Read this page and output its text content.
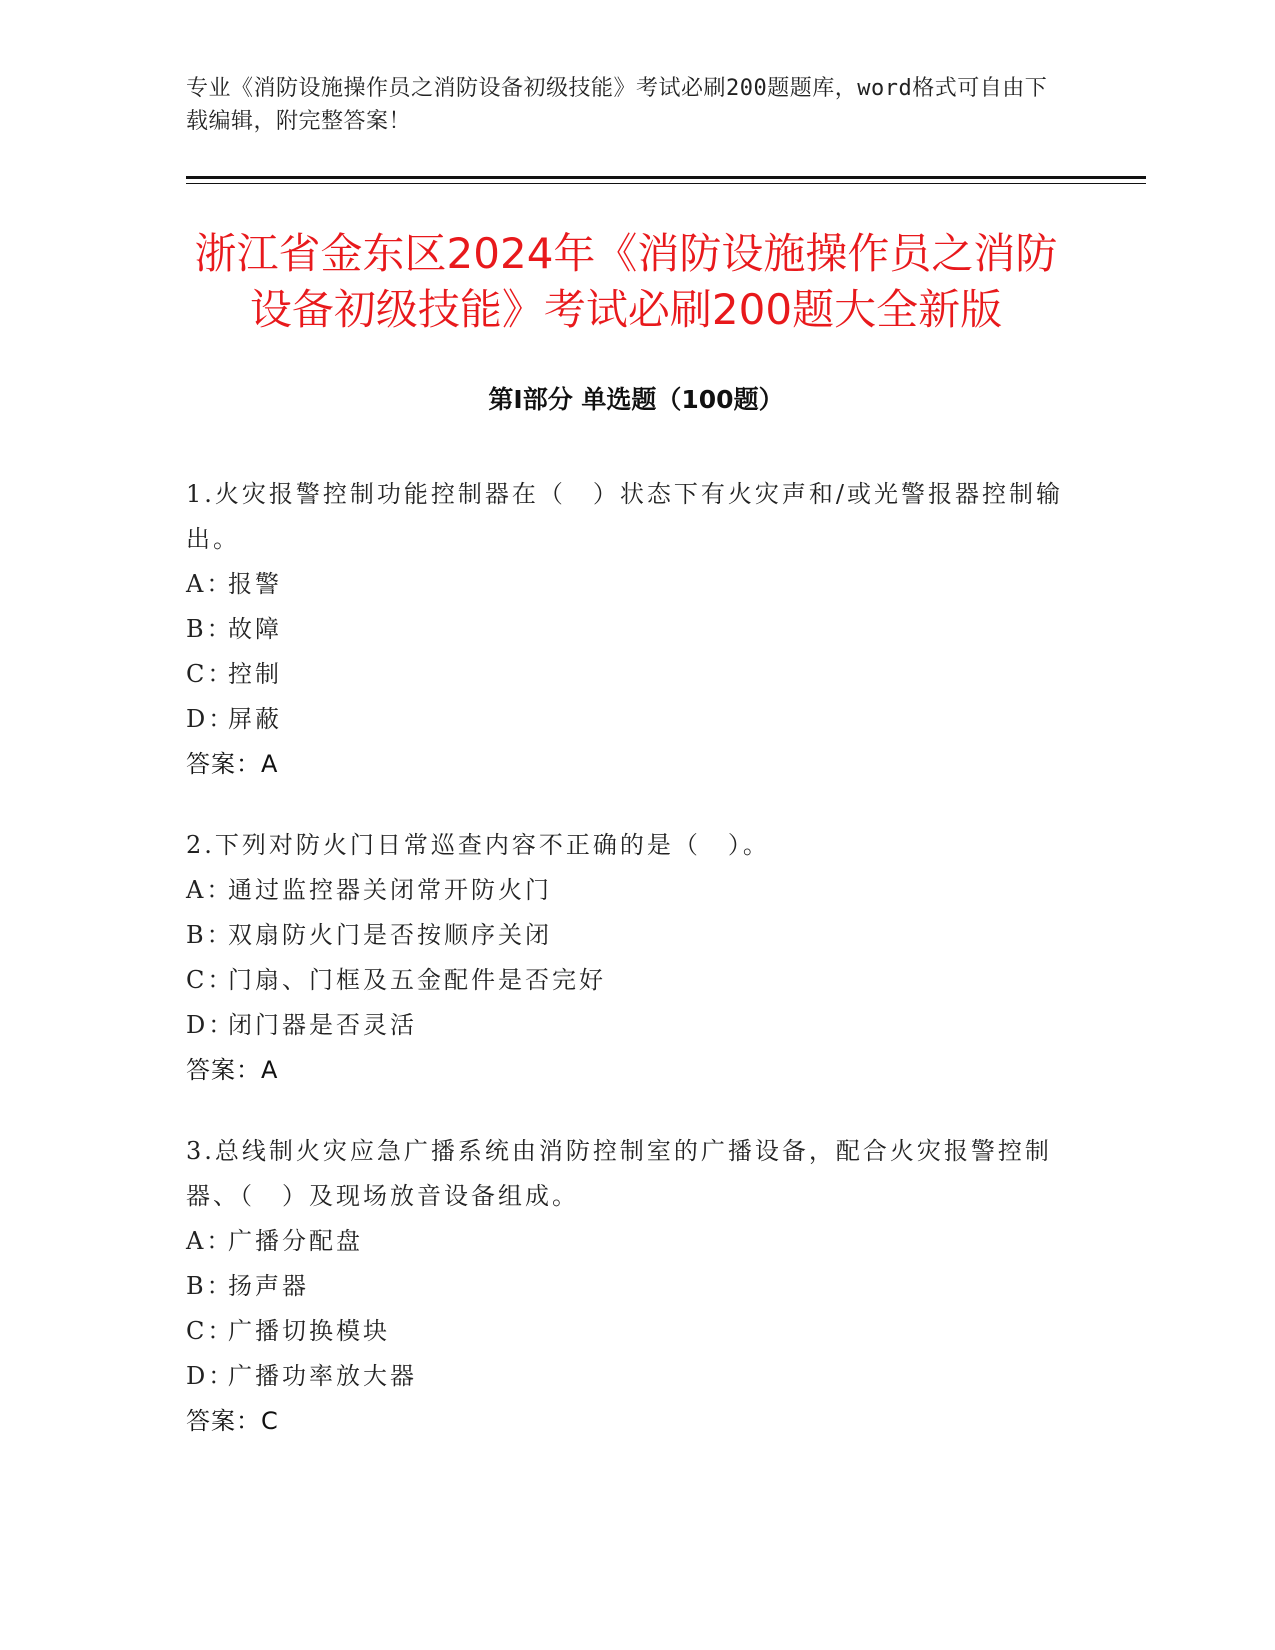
专业《消防设施操作员之消防设备初级技能》考试必刷200题题库，word格式可自由下载编辑，附完整答案！
浙江省金东区2024年《消防设施操作员之消防设备初级技能》考试必刷200题大全新版
第Ⅰ部分 单选题（100题）

1.火灾报警控制功能控制器在（　）状态下有火灾声和/或光警报器控制输出。

A：
报警
B：
故障
C：
控制
D：
屏蔽
答案：A

2.下列对防火门日常巡查内容不正确的是（　）。

A：
通过监控器关闭常开防火门
B：
双扇防火门是否按顺序关闭
C：
门扇、门框及五金配件是否完好
D：
闭门器是否灵活
答案：A

3.总线制火灾应急广播系统由消防控制室的广播设备，配合火灾报警控制器、（　）及现场放音设备组成。

A：
广播分配盘
B：
扬声器
C：
广播切换模块
D：
广播功率放大器
答案：C
